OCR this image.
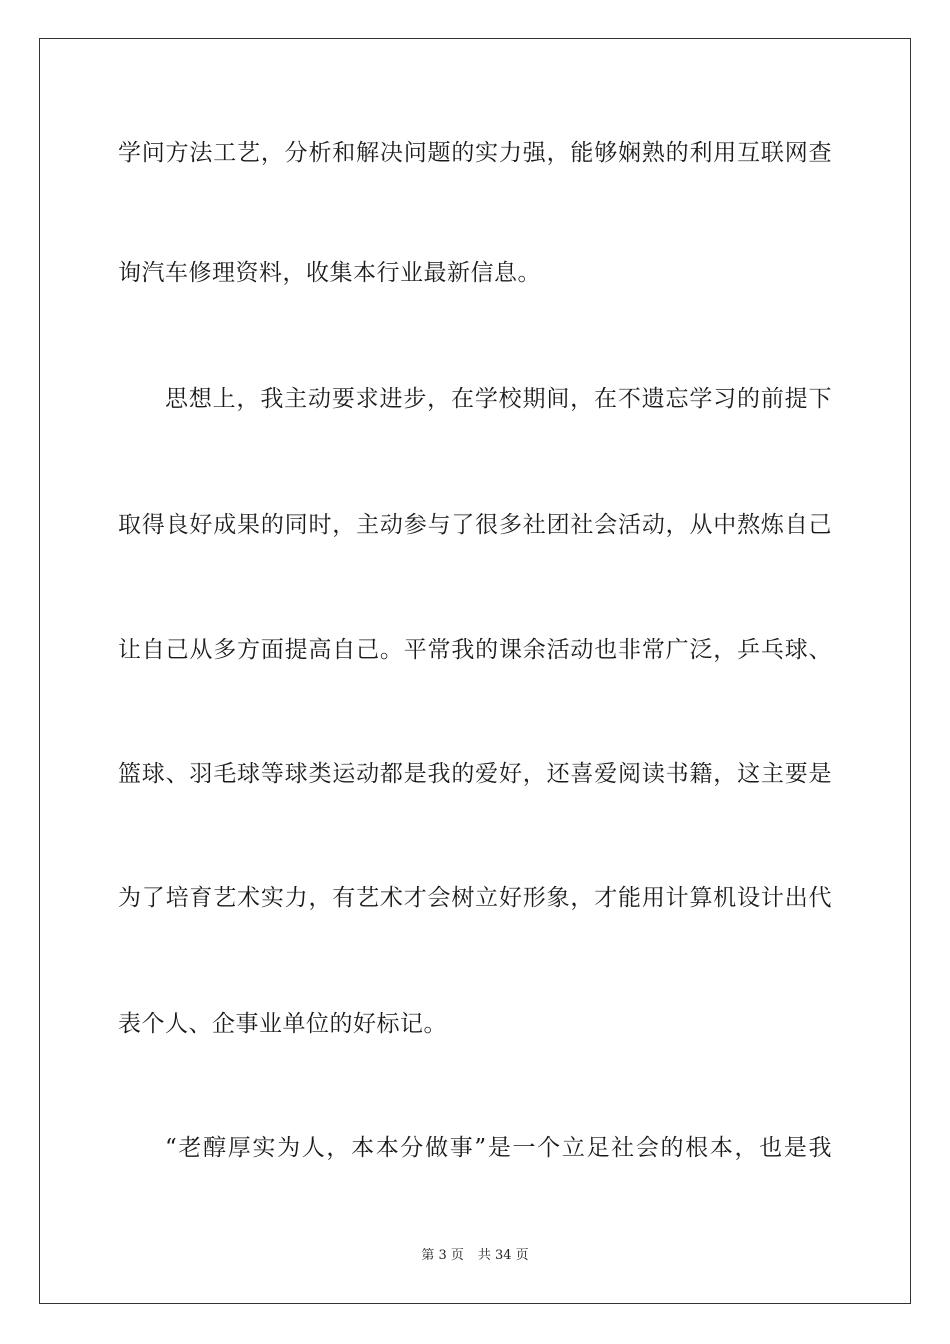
学问方法工艺，分析和解决问题的实力强，能够娴熟的利用互联网查
询汽车修理资料，收集本行业最新信息。
思想上，我主动要求进步，在学校期间，在不遗忘学习的前提下
取得良好成果的同时，主动参与了很多社团社会活动，从中熬炼自己
让自己从多方面提高自己。平常我的课余活动也非常广泛，乒乓球、
篮球、羽毛球等球类运动都是我的爱好，还喜爱阅读书籍，这主要是
为了培育艺术实力，有艺术才会树立好形象，才能用计算机设计出代
表个人、企事业单位的好标记。
“老醇厚实为人，本本分做事”是一个立足社会的根本，也是我
第 3 页 共 34 页
